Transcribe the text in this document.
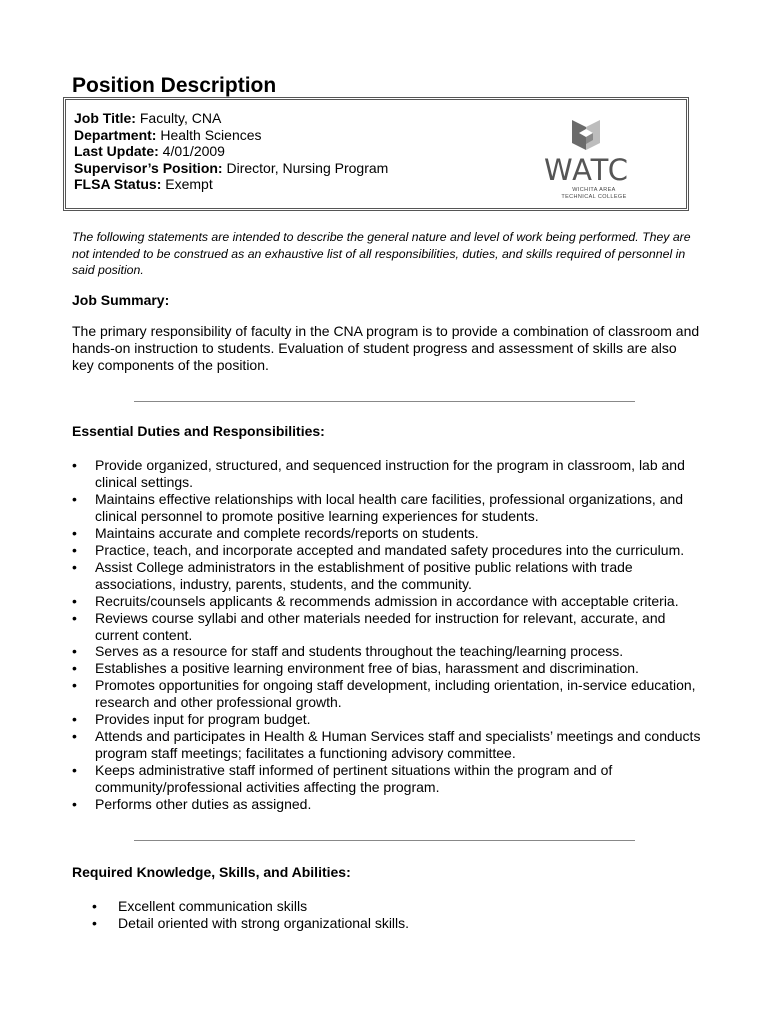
Position Description
Job Title: Faculty, CNA
Department: Health Sciences
Last Update: 4/01/2009
Supervisor’s Position: Director, Nursing Program
FLSA Status: Exempt	WATC
WICHITA AREA
TECHNICAL COLLEGE

The following statements are intended to describe the general nature and level of work being performed. They are not intended to be construed as an exhaustive list of all responsibilities, duties, and skills required of personnel in said position.

Job Summary:

The primary responsibility of faculty in the CNA program is to provide a combination of classroom and hands-on instruction to students. Evaluation of student progress and assessment of skills are also key components of the position.

Essential Duties and Responsibilities:
• Provide organized, structured, and sequenced instruction for the program in classroom, lab and clinical settings.
• Maintains effective relationships with local health care facilities, professional organizations, and clinical personnel to promote positive learning experiences for students.
• Maintains accurate and complete records/reports on students.
• Practice, teach, and incorporate accepted and mandated safety procedures into the curriculum.
• Assist College administrators in the establishment of positive public relations with trade associations, industry, parents, students, and the community.
• Recruits/counsels applicants & recommends admission in accordance with acceptable criteria.
• Reviews course syllabi and other materials needed for instruction for relevant, accurate, and current content.
• Serves as a resource for staff and students throughout the teaching/learning process.
• Establishes a positive learning environment free of bias, harassment and discrimination.
• Promotes opportunities for ongoing staff development, including orientation, in-service education, research and other professional growth.
• Provides input for program budget.
• Attends and participates in Health & Human Services staff and specialists’ meetings and conducts program staff meetings; facilitates a functioning advisory committee.
• Keeps administrative staff informed of pertinent situations within the program and of community/professional activities affecting the program.
• Performs other duties as assigned.
Required Knowledge, Skills, and Abilities:
• Excellent communication skills
• Detail oriented with strong organizational skills.
